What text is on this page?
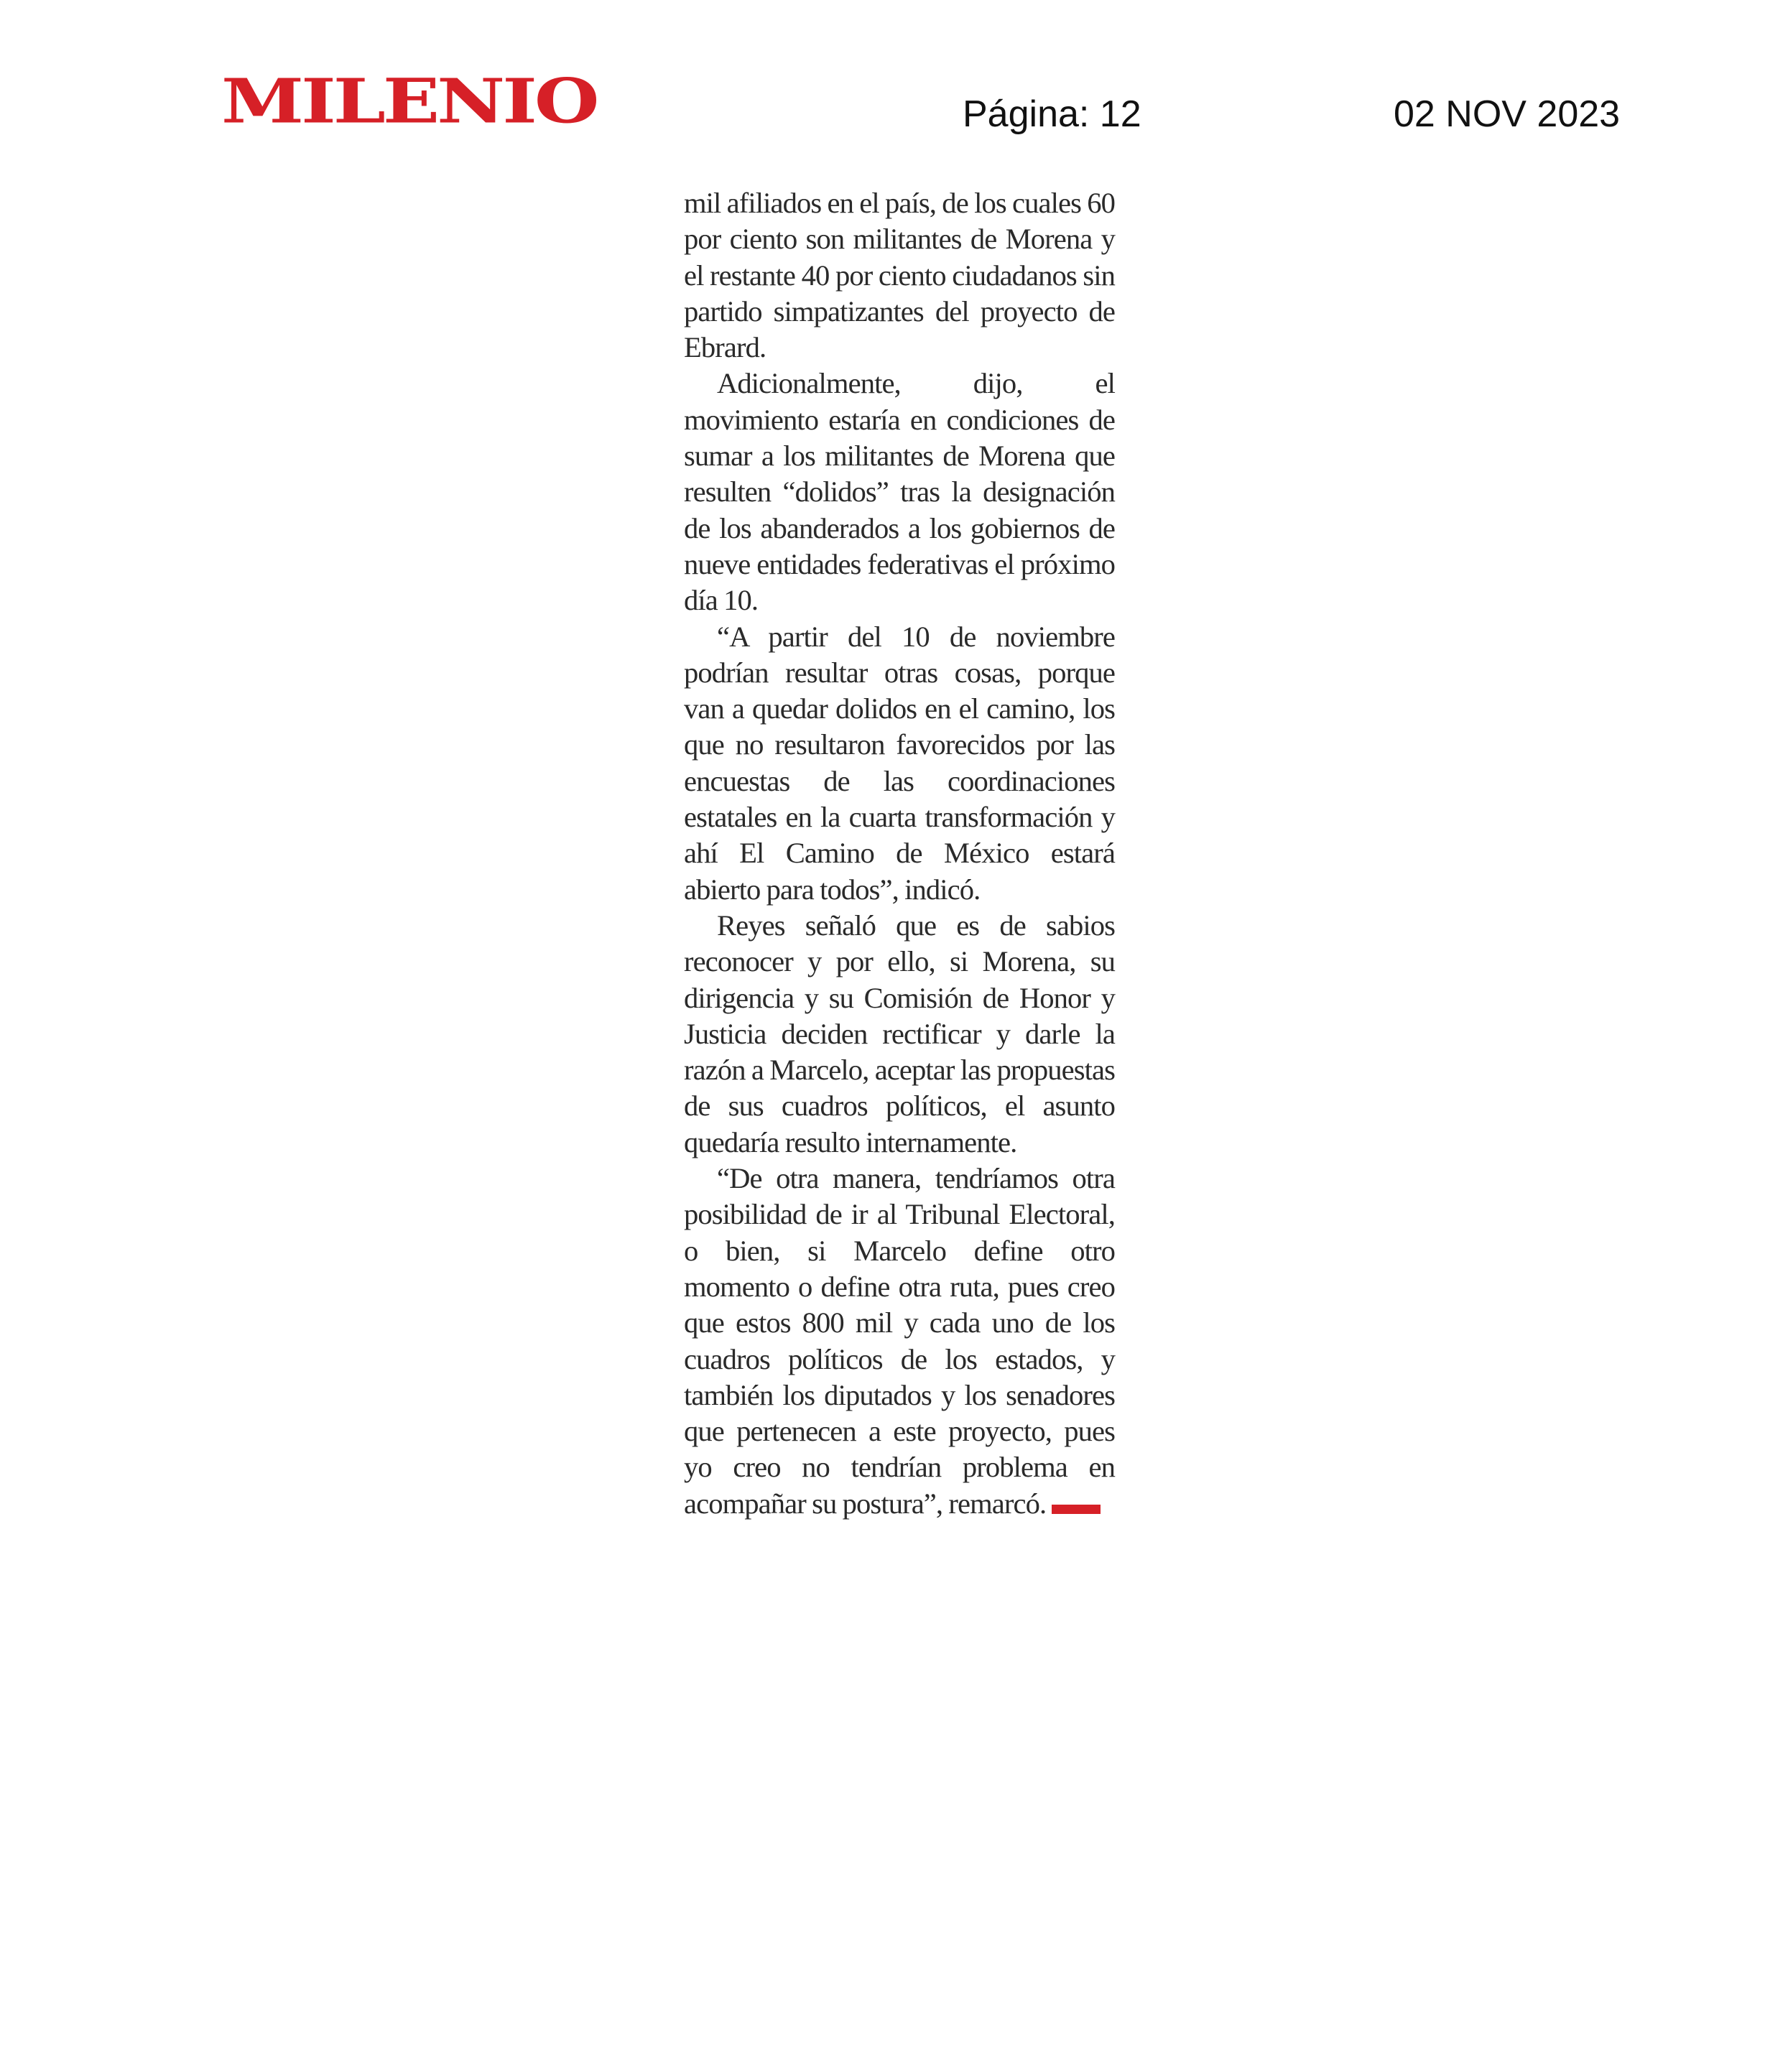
MILENIO	Página: 12	02 NOV 2023

mil afiliados en el país, de los cuales 60 por ciento son militantes de Morena y el restante 40 por ciento ciudadanos sin partido simpatizantes del proyecto de Ebrard.

Adicionalmente, dijo, el movimiento estaría en condiciones de sumar a los militantes de Morena que resulten “dolidos” tras la designación de los abanderados a los gobiernos de nueve entidades federativas el próximo día 10.

“A partir del 10 de noviembre podrían resultar otras cosas, porque van a quedar dolidos en el camino, los que no resultaron favorecidos por las encuestas de las coordinaciones estatales en la cuarta transformación y ahí El Camino de México estará abierto para todos”, indicó.

Reyes señaló que es de sabios reconocer y por ello, si Morena, su dirigencia y su Comisión de Honor y Justicia deciden rectificar y darle la razón a Marcelo, aceptar las propuestas de sus cuadros políticos, el asunto quedaría resulto internamente.

“De otra manera, tendríamos otra posibilidad de ir al Tribunal Electoral, o bien, si Marcelo define otro momento o define otra ruta, pues creo que estos 800 mil y cada uno de los cuadros políticos de los estados, y también los diputados y los senadores que pertenecen a este proyecto, pues yo creo no tendrían problema en acompañar su postura”, remarcó.
